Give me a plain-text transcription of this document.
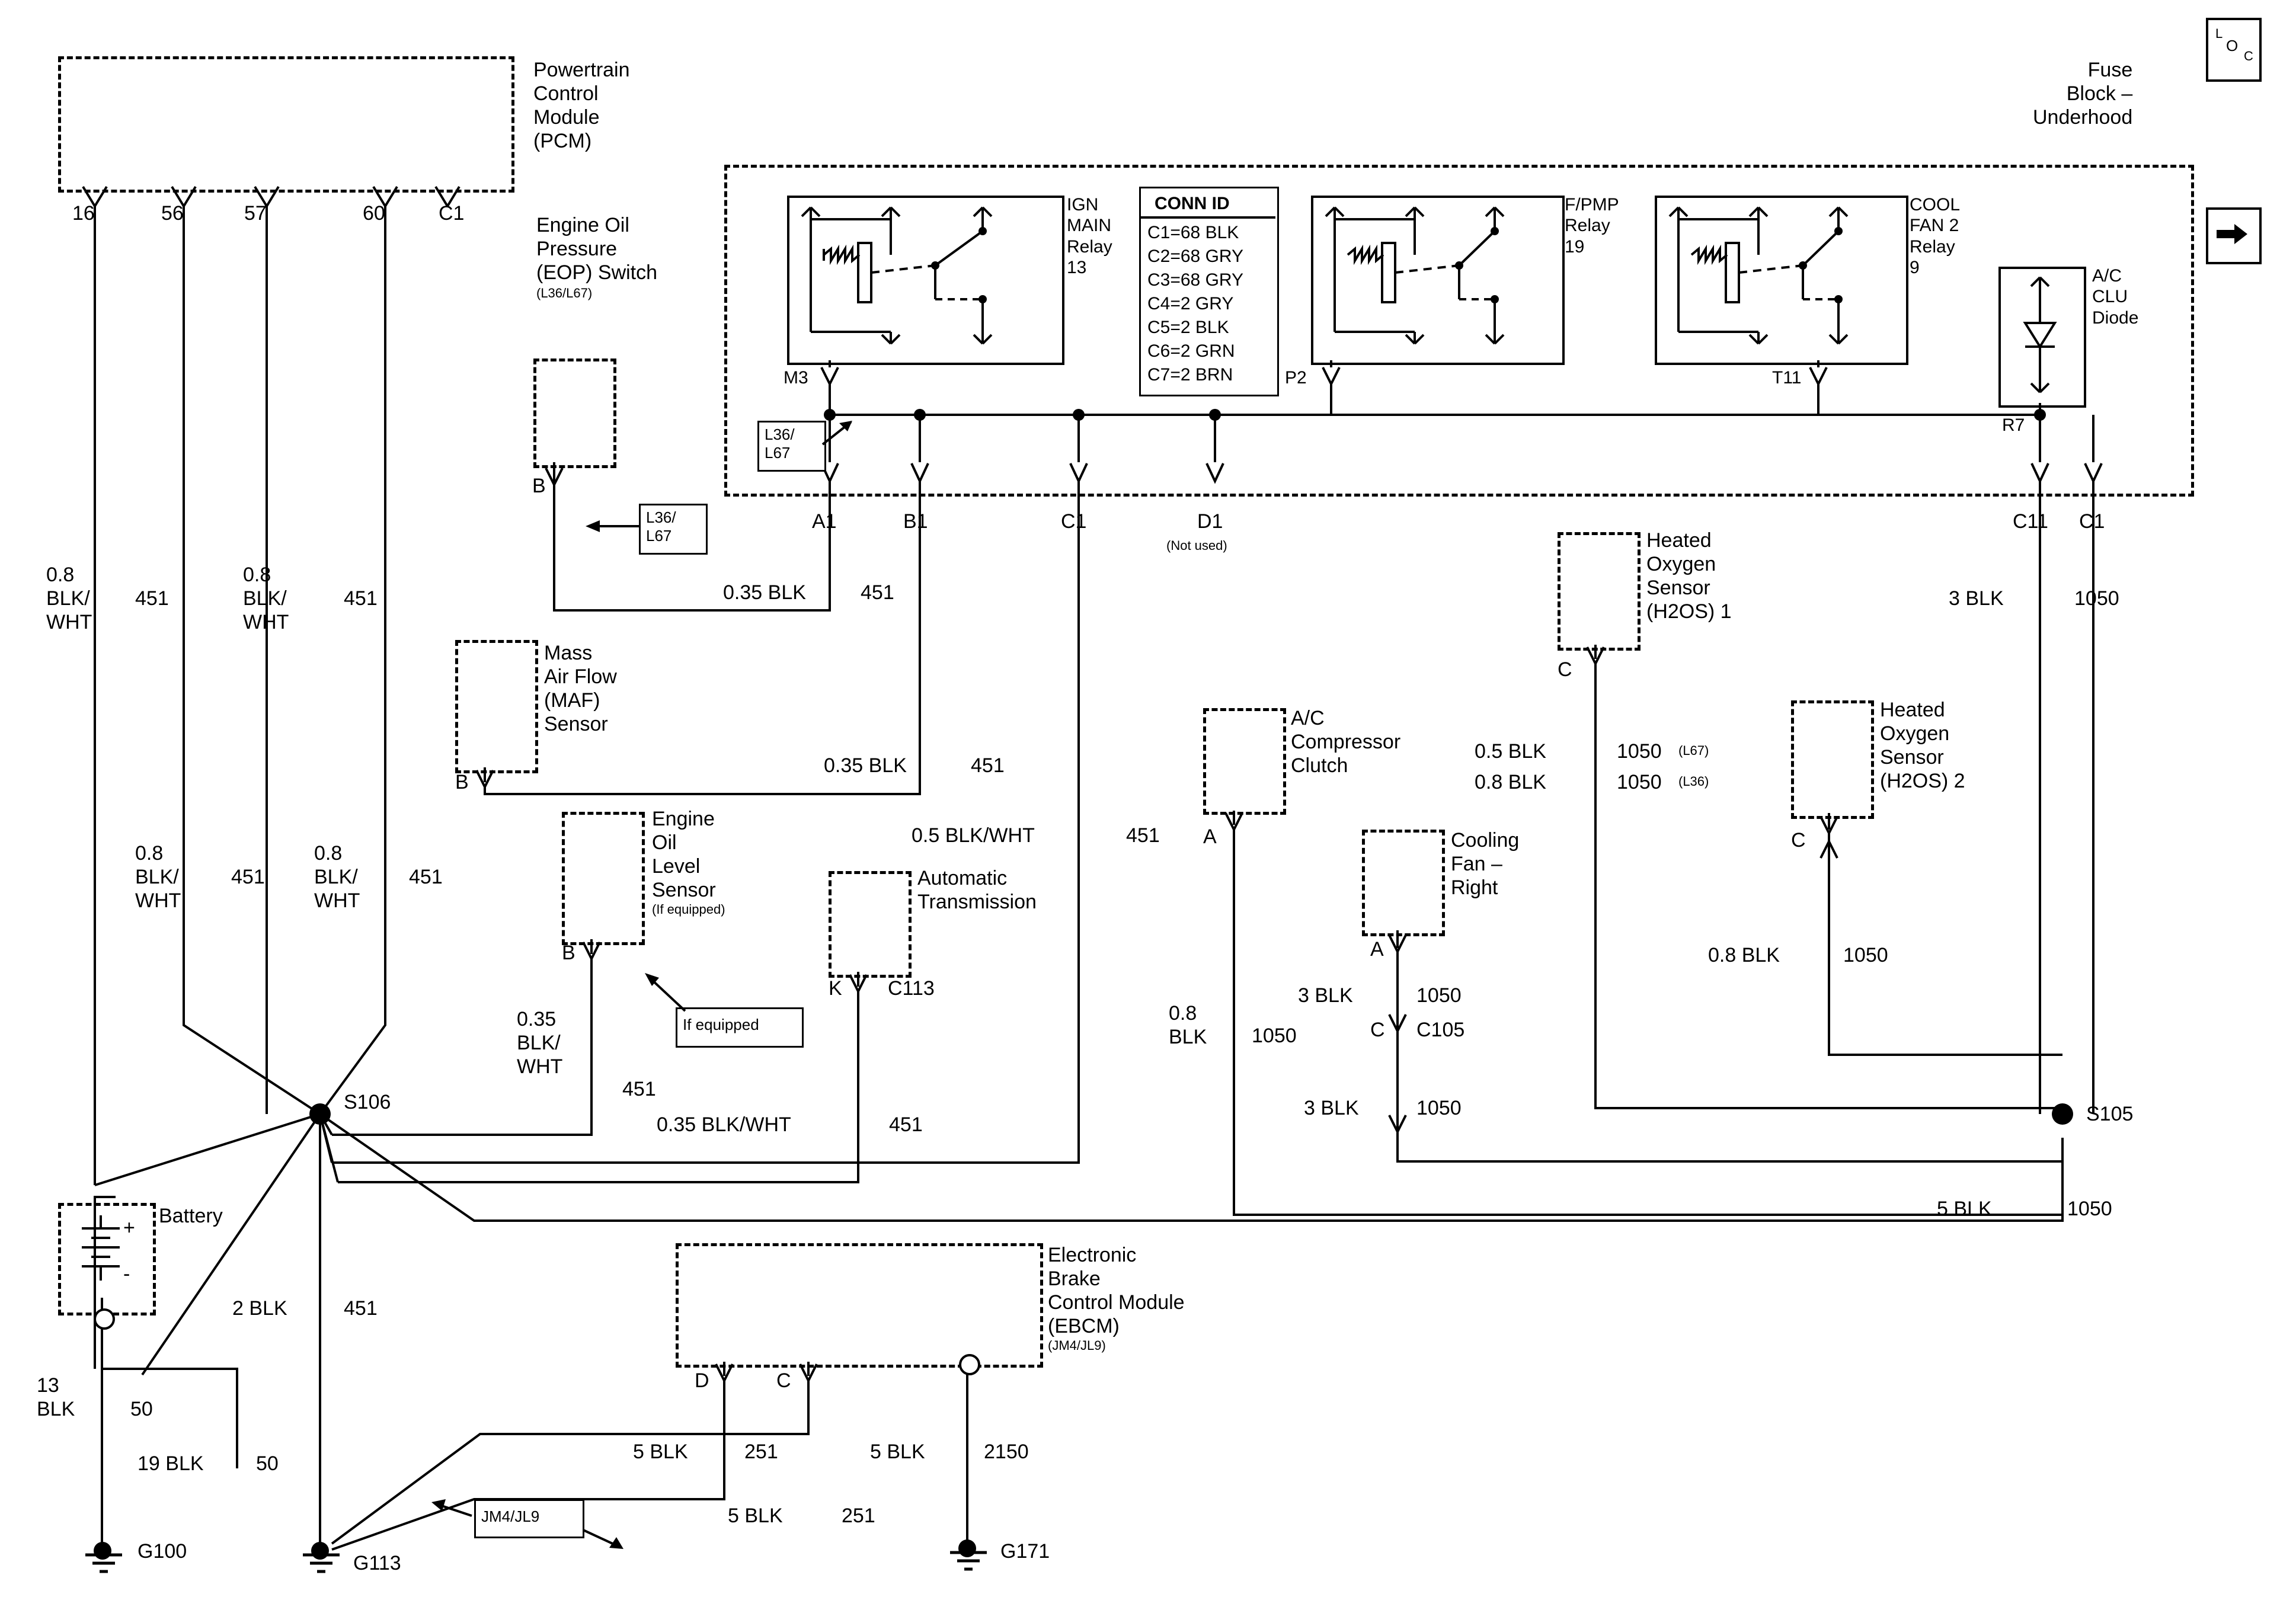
L
O
C
Powertrain
Control
Module
(PCM)
16	56	57	60	C1
Engine Oil
Pressure
(EOP) Switch
(L36/L67)
B
Fuse
Block –
Underhood
IGN
MAIN
Relay
13
CONN ID
C1=68 BLK
C2=68 GRY
C3=68 GRY
C4=2 GRY
C5=2 BLK
C6=2 GRN
C7=2 BRN
F/PMP
Relay
19
COOL
FAN 2
Relay
9	A/C
CLU
Diode
M3	P2	T11
R7
L36/
L67
L36/
L67
A1	B1	C1	D1
(Not used)
C11 C1
S106
0.8
BLK/
WHT
451
0.8
BLK/
WHT
451
0.8
BLK/
WHT
451
0.8
BLK/
WHT
451
0.35 BLK	451
Mass
Air Flow
(MAF)
Sensor
B
0.35 BLK	451
0.5 BLK/WHT	451
Engine
Oil
Level
Sensor
(If equipped)
B
0.35
BLK/
WHT
451
If equipped
Automatic
Transmission
K C113
0.35 BLK/WHT	451
A/C
Compressor
Clutch
A
0.8
BLK 1050
Cooling
Fan –
Right
A
3 BLK	1050
C C105
3 BLK	1050
Heated
Oxygen
Sensor
(H2OS) 1
C
0.5 BLK	1050 (L67)
0.8 BLK	1050 (L36)
Heated
Oxygen
Sensor
(H2OS) 2
C
0.8 BLK	1050
S105
3 BLK	1050
5 BLK	1050
+
-
Battery
13
BLK	50
19 BLK	50
2 BLK	451
G100
G113
Electronic
Brake
Control Module
(EBCM)
(JM4/JL9)
D	C
5 BLK	251	5 BLK	2150
5 BLK	251
JM4/JL9
G171
